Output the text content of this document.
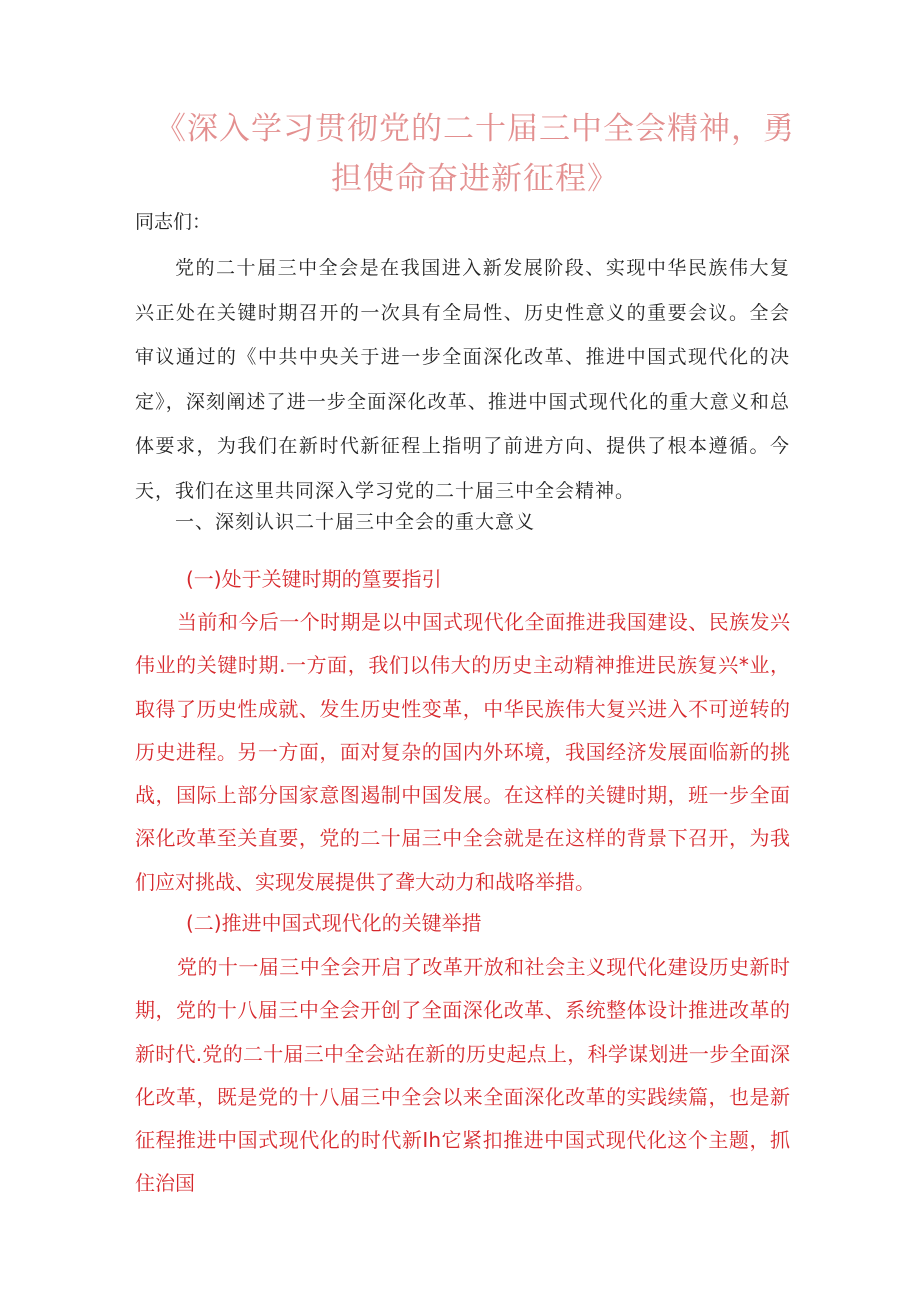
《深入学习贯彻党的二十届三中全会精神，勇担使命奋进新征程》

同志们：

党的二十届三中全会是在我国进入新发展阶段、实现中华民族伟大复兴正处在关键时期召开的一次具有全局性、历史性意义的重要会议。全会审议通过的《中共中央关于进一步全面深化改革、推进中国式现代化的决定》，深刻阐述了进一步全面深化改革、推进中国式现代化的重大意义和总体要求，为我们在新时代新征程上指明了前进方向、提供了根本遵循。今天，我们在这里共同深入学习党的二十届三中全会精神。

一、深刻认识二十届三中全会的重大意义

(一)处于关键时期的篁要指引

当前和今后一个时期是以中国式现代化全面推进我国建设、民族发兴伟业的关键时期.一方面，我们以伟大的历史主动精神推进民族复兴*业，取得了历史性成就、发生历史性变革，中华民族伟大复兴进入不可逆转的历史进程。另一方面，面对复杂的国内外环境，我国经济发展面临新的挑战，国际上部分国家意图遏制中国发展。在这样的关键时期，班一步全面深化改革至关直要，党的二十届三中全会就是在这样的背景下召开，为我们应对挑战、实现发展提供了聋大动力和战咯举措。

(二)推进中国式现代化的关键举措

党的十一届三中全会开启了改革开放和社会主义现代化建设历史新时期，党的十八届三中全会开创了全面深化改革、系统整体设计推进改革的新时代.党的二十届三中全会站在新的历史起点上，科学谋划进一步全面深化改革，既是党的十八届三中全会以来全面深化改革的实践续篇，也是新征程推进中国式现代化的时代新Ih它紧扣推进中国式现代化这个主题，抓住治国
